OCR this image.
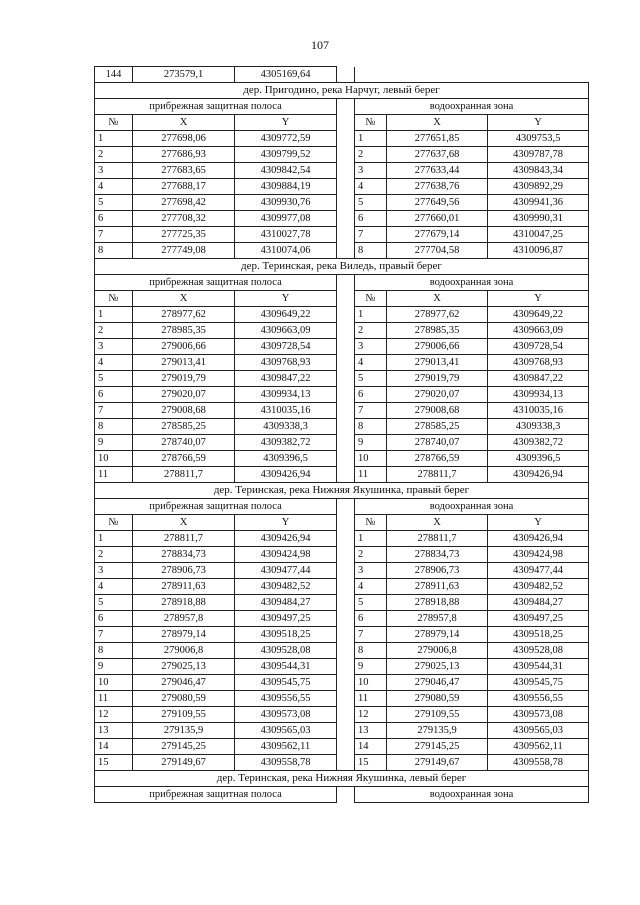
107
144	273579,1	4305169,64				
дер. Пригодино, река Нарчуг, левый берег						
прибрежная защитная полоса				водоохранная зона		
№	X	Y		№	X	Y
1	277698,06	4309772,59		1	277651,85	4309753,5
2	277686,93	4309799,52		2	277637,68	4309787,78
3	277683,65	4309842,54		3	277633,44	4309843,34
4	277688,17	4309884,19		4	277638,76	4309892,29
5	277698,42	4309930,76		5	277649,56	4309941,36
6	277708,32	4309977,08		6	277660,01	4309990,31
7	277725,35	4310027,78		7	277679,14	4310047,25
8	277749,08	4310074,06		8	277704,58	4310096,87
дер. Теринская, река Виледь, правый берег						
прибрежная защитная полоса				водоохранная зона		
№	X	Y		№	X	Y
1	278977,62	4309649,22		1	278977,62	4309649,22
2	278985,35	4309663,09		2	278985,35	4309663,09
3	279006,66	4309728,54		3	279006,66	4309728,54
4	279013,41	4309768,93		4	279013,41	4309768,93
5	279019,79	4309847,22		5	279019,79	4309847,22
6	279020,07	4309934,13		6	279020,07	4309934,13
7	279008,68	4310035,16		7	279008,68	4310035,16
8	278585,25	4309338,3		8	278585,25	4309338,3
9	278740,07	4309382,72		9	278740,07	4309382,72
10	278766,59	4309396,5		10	278766,59	4309396,5
11	278811,7	4309426,94		11	278811,7	4309426,94
дер. Теринская, река Нижняя Якушинка, правый берег						
прибрежная защитная полоса				водоохранная зона		
№	X	Y		№	X	Y
1	278811,7	4309426,94		1	278811,7	4309426,94
2	278834,73	4309424,98		2	278834,73	4309424,98
3	278906,73	4309477,44		3	278906,73	4309477,44
4	278911,63	4309482,52		4	278911,63	4309482,52
5	278918,88	4309484,27		5	278918,88	4309484,27
6	278957,8	4309497,25		6	278957,8	4309497,25
7	278979,14	4309518,25		7	278979,14	4309518,25
8	279006,8	4309528,08		8	279006,8	4309528,08
9	279025,13	4309544,31		9	279025,13	4309544,31
10	279046,47	4309545,75		10	279046,47	4309545,75
11	279080,59	4309556,55		11	279080,59	4309556,55
12	279109,55	4309573,08		12	279109,55	4309573,08
13	279135,9	4309565,03		13	279135,9	4309565,03
14	279145,25	4309562,11		14	279145,25	4309562,11
15	279149,67	4309558,78		15	279149,67	4309558,78
дер. Теринская, река Нижняя Якушинка, левый берег						
прибрежная защитная полоса				водоохранная зона		
